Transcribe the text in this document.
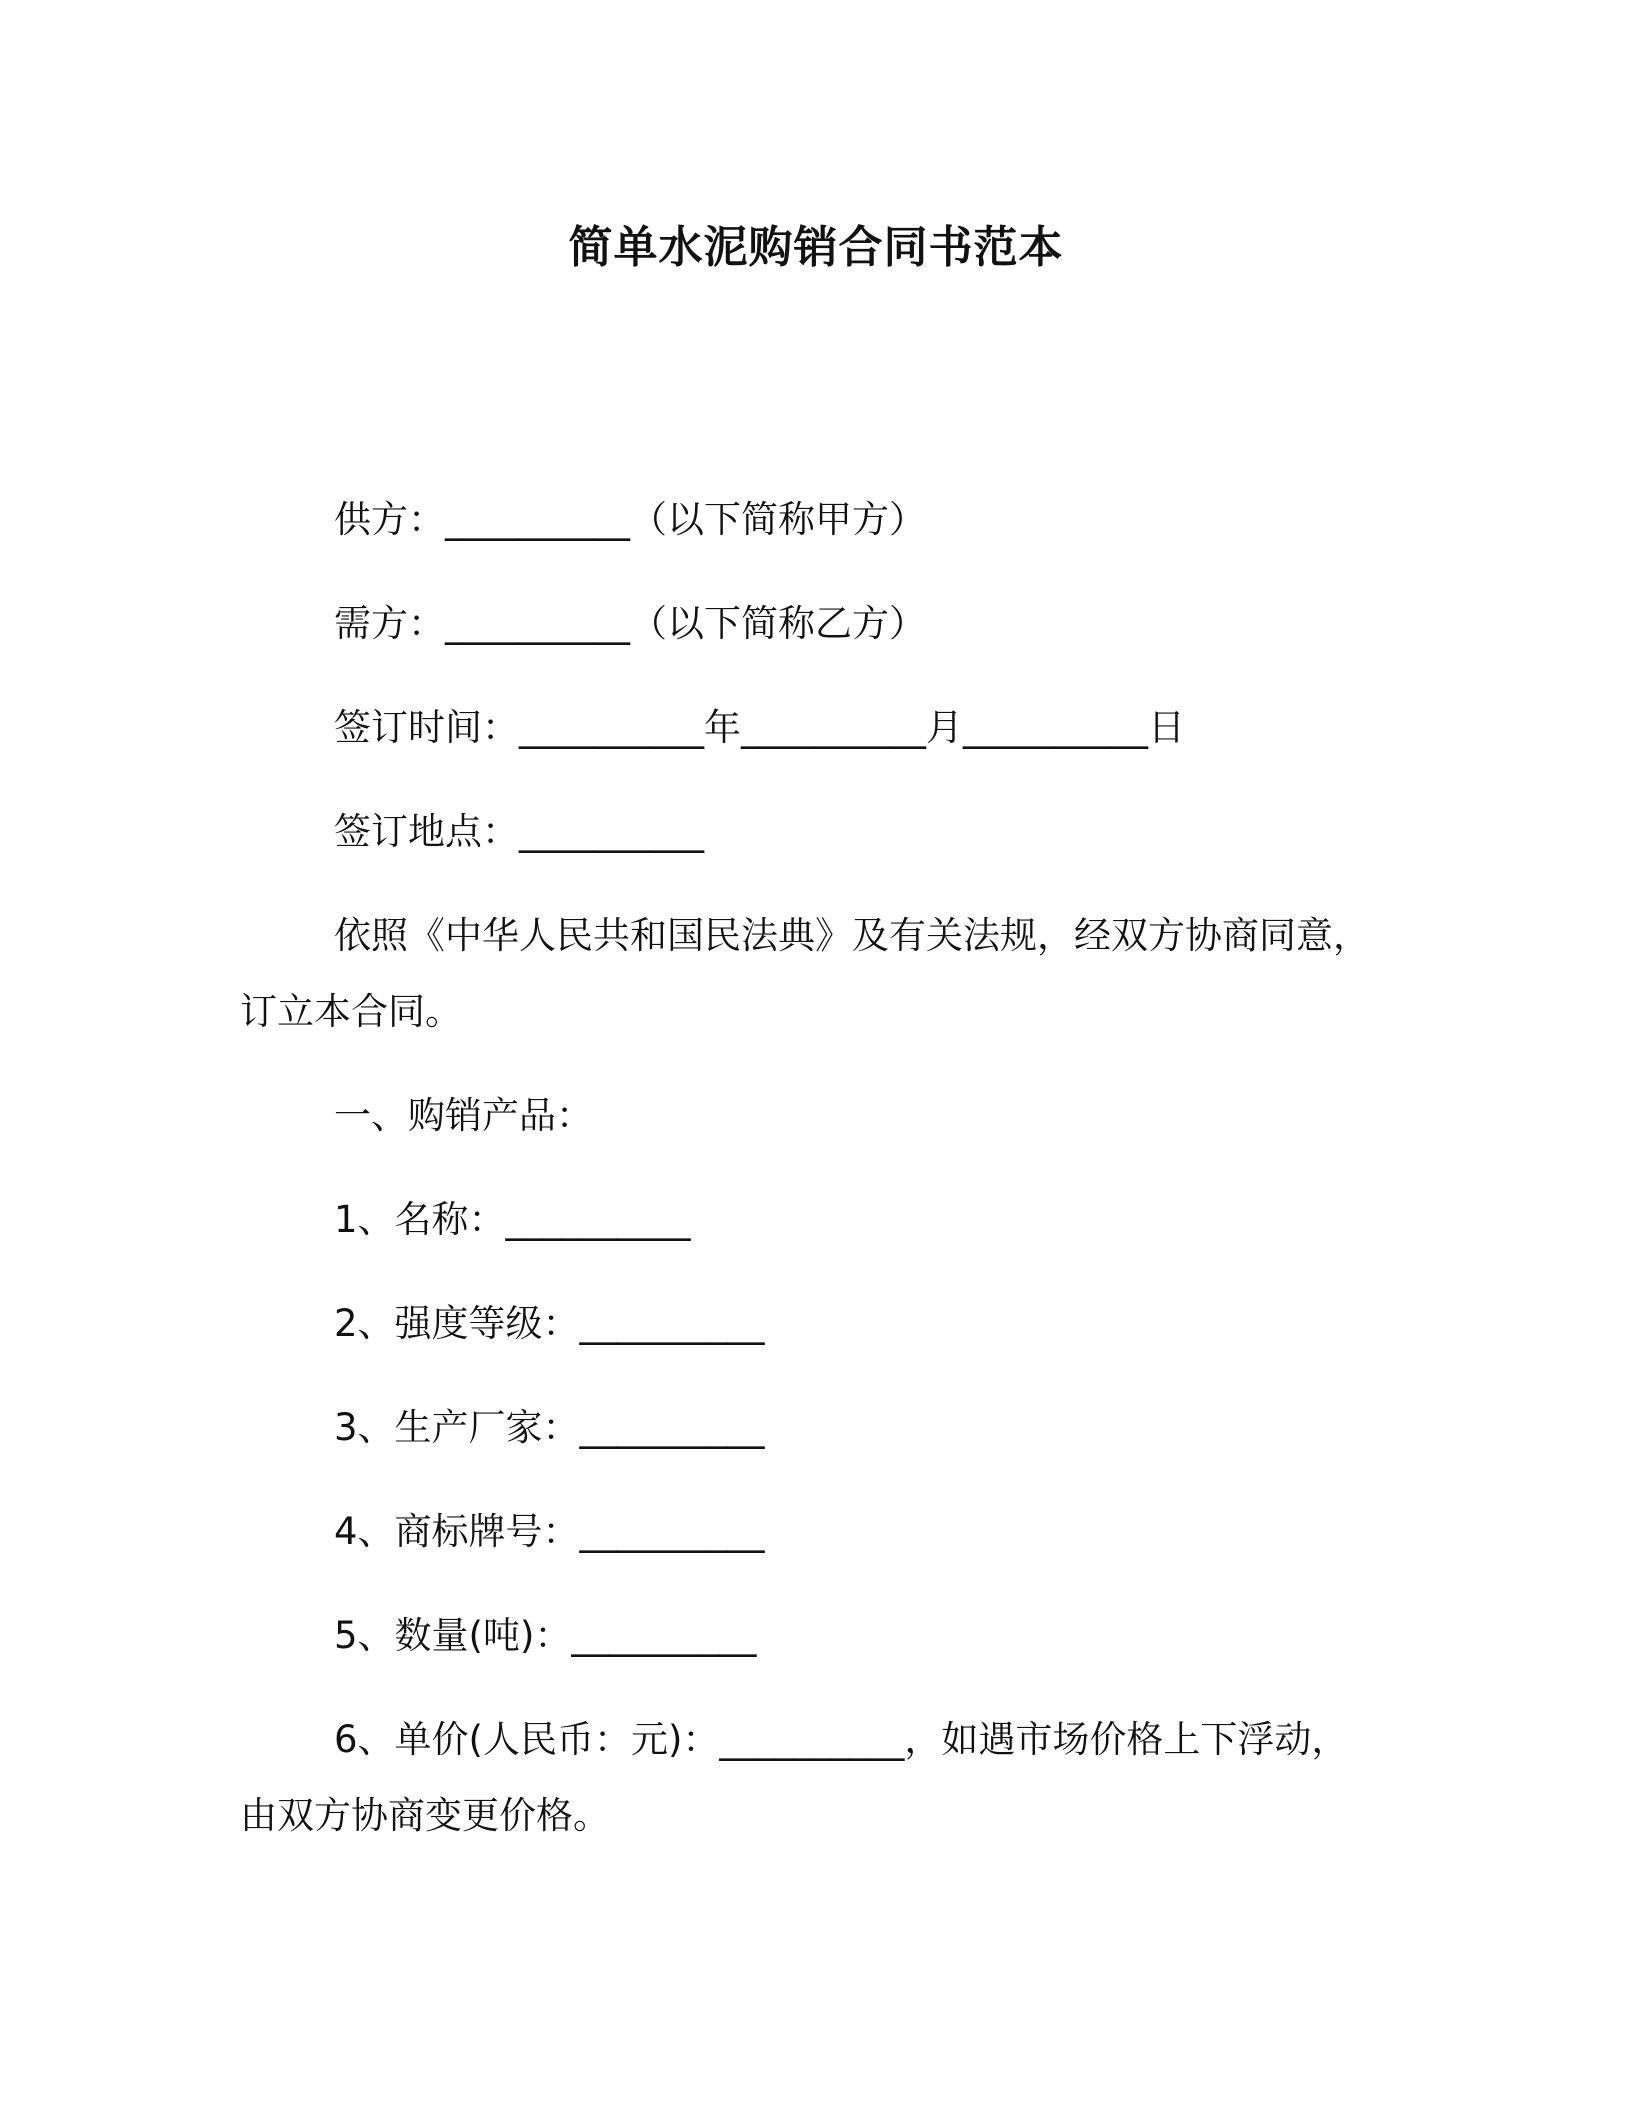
简单水泥购销合同书范本
供方：__________（以下简称甲方）
需方：__________（以下简称乙方）
签订时间：__________年__________月__________日
签订地点：__________
依照《中华人民共和国民法典》及有关法规，经双方协商同意，
订立本合同。
一、购销产品：
1、名称：__________
2、强度等级：__________
3、生产厂家：__________
4、商标牌号：__________
5、数量(吨)：__________
6、单价(人民币：元)：__________，如遇市场价格上下浮动，
由双方协商变更价格。
